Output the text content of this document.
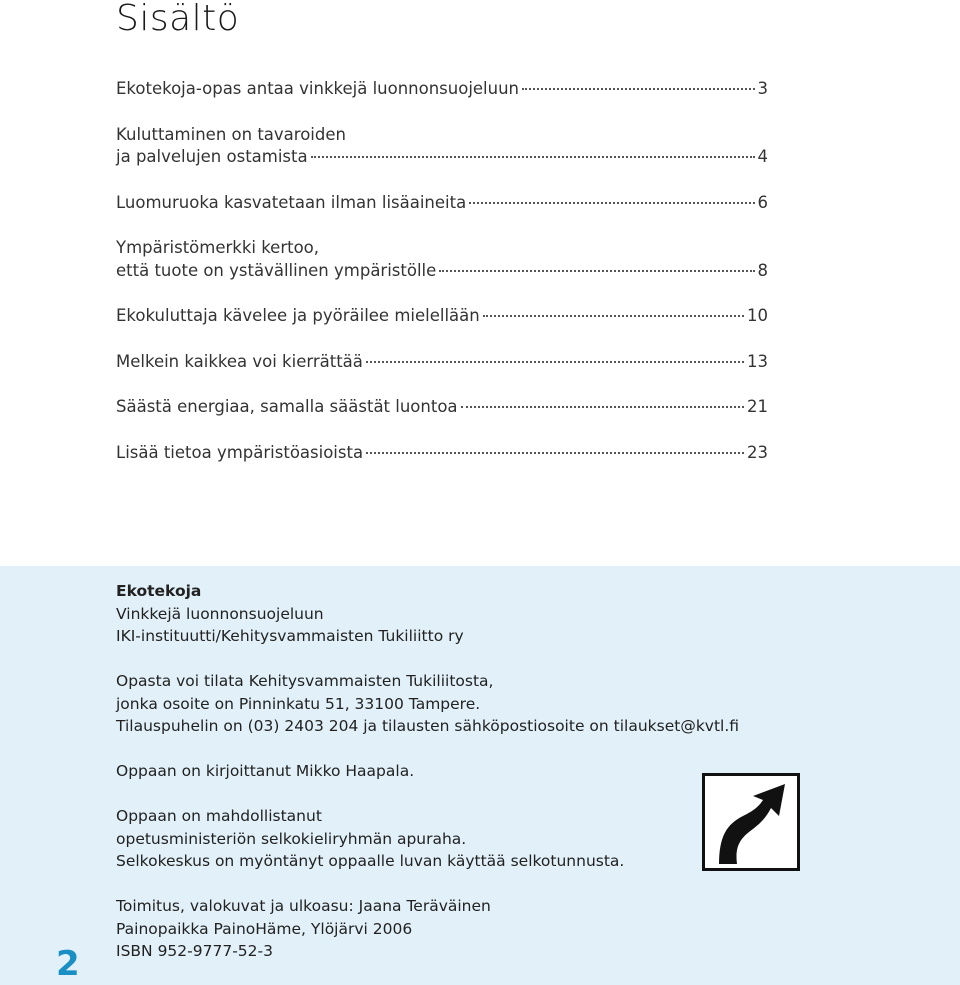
Sisältö
Ekotekoja-opas antaa vinkkejä luonnonsuojeluun	3
Kuluttaminen on tavaroiden
ja palvelujen ostamista	4
Luomuruoka kasvatetaan ilman lisäaineita	6
Ympäristömerkki kertoo,
että tuote on ystävällinen ympäristölle	8
Ekokuluttaja kävelee ja pyöräilee mielellään	10
Melkein kaikkea voi kierrättää	13
Säästä energiaa, samalla säästät luontoa	21
Lisää tietoa ympäristöasioista	23
Ekotekoja
Vinkkejä luonnonsuojeluun
IKI-instituutti/Kehitysvammaisten Tukiliitto ry
Opasta voi tilata Kehitysvammaisten Tukiliitosta,
jonka osoite on Pinninkatu 51, 33100 Tampere.
Tilauspuhelin on (03) 2403 204 ja tilausten sähköpostiosoite on tilaukset@kvtl.fi
Oppaan on kirjoittanut Mikko Haapala.
Oppaan on mahdollistanut
opetusministeriön selkokieliryhmän apuraha.
Selkokeskus on myöntänyt oppaalle luvan käyttää selkotunnusta.
Toimitus, valokuvat ja ulkoasu: Jaana Teräväinen
Painopaikka PainoHäme, Ylöjärvi 2006
ISBN 952-9777-52-3
2
